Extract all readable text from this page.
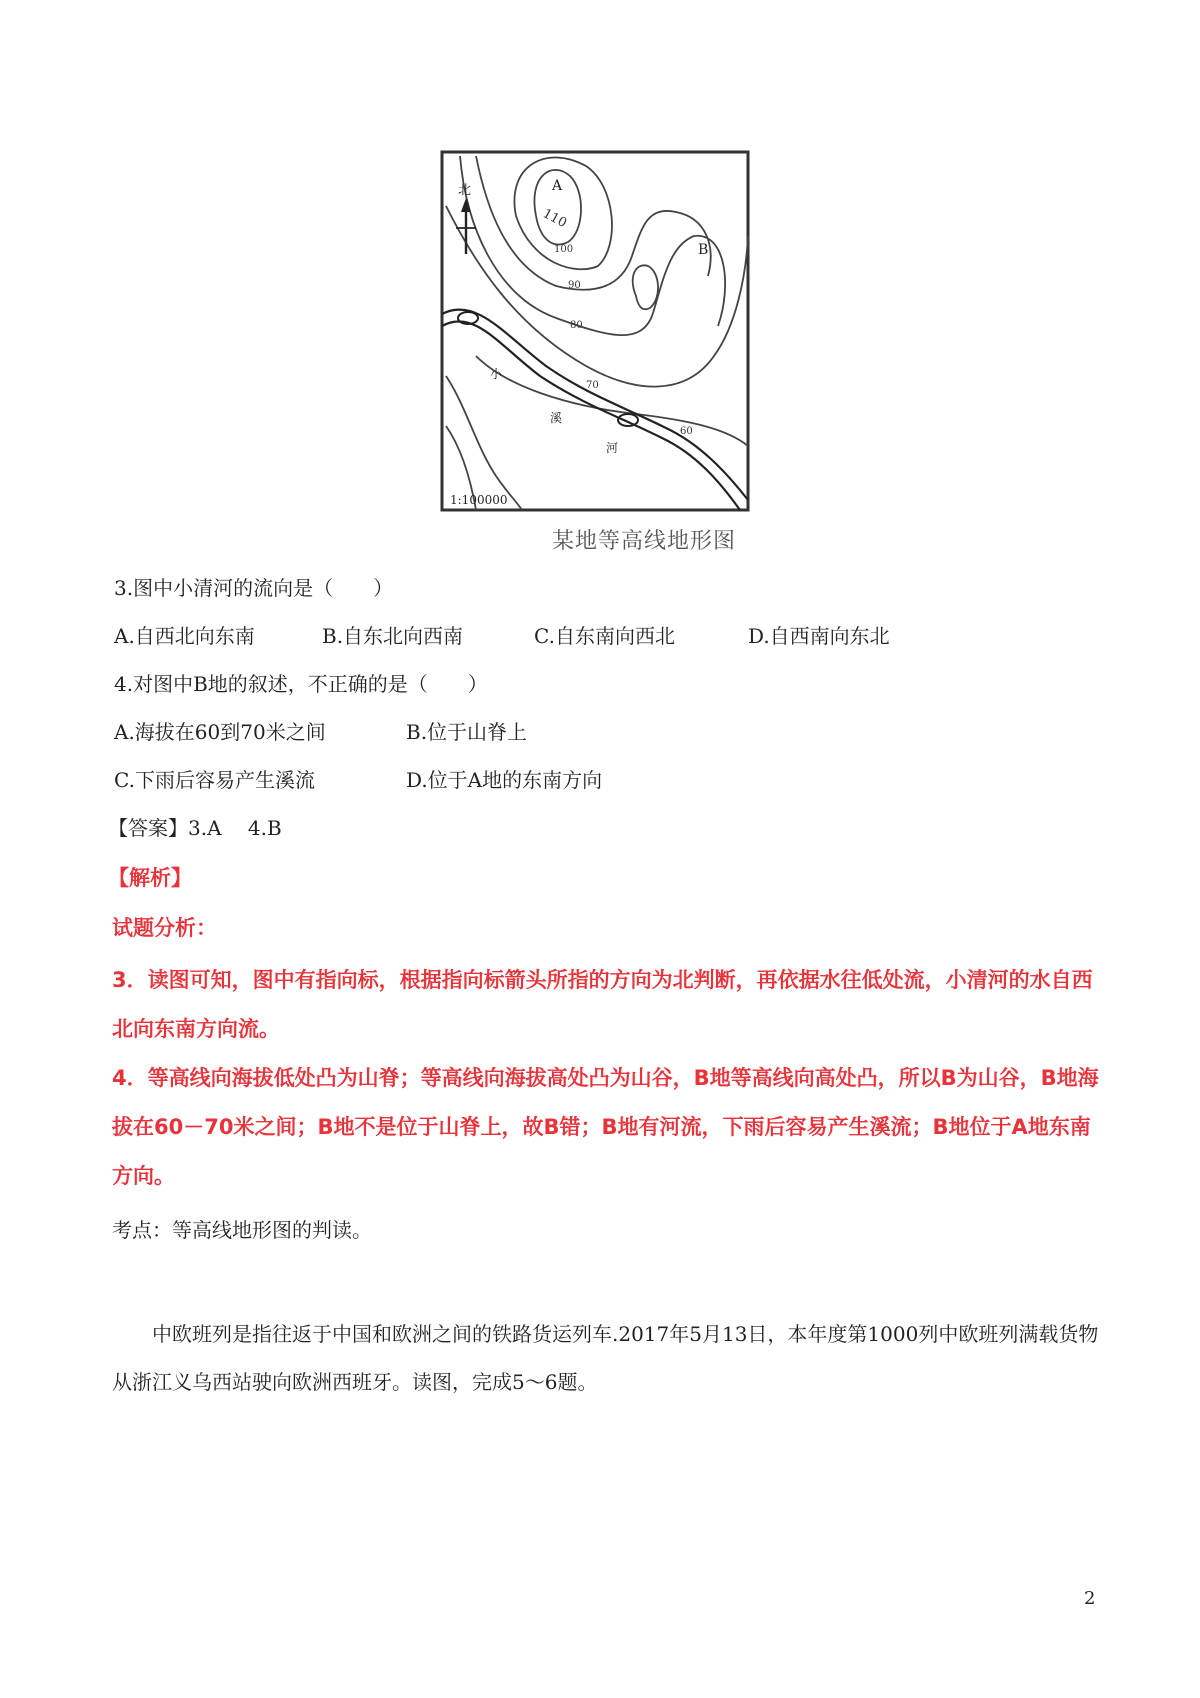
北	A
B
110
100
90
80
70
60
小
溪
河
1:100000
某地等高线地形图
3.图中小清河的流向是（　　）
A.自西北向东南	B.自东北向西南	C.自东南向西北	D.自西南向东北
4.对图中B地的叙述，不正确的是（　　）
A.海拔在60到70米之间	B.位于山脊上
C.下雨后容易产生溪流	D.位于A地的东南方向
【答案】3.A　 4.B
【解析】
试题分析：
3．读图可知，图中有指向标，根据指向标箭头所指的方向为北判断，再依据水往低处流，小清河的水自西北向东南方向流。
4．等高线向海拔低处凸为山脊；等高线向海拔高处凸为山谷，B地等高线向高处凸，所以B为山谷，B地海拔在60－70米之间；B地不是位于山脊上，故B错；B地有河流，下雨后容易产生溪流；B地位于A地东南方向。
考点：等高线地形图的判读。
　　中欧班列是指往返于中国和欧洲之间的铁路货运列车.2017年5月13日，本年度第1000列中欧班列满载货物从浙江义乌西站驶向欧洲西班牙。读图，完成5～6题。
2
